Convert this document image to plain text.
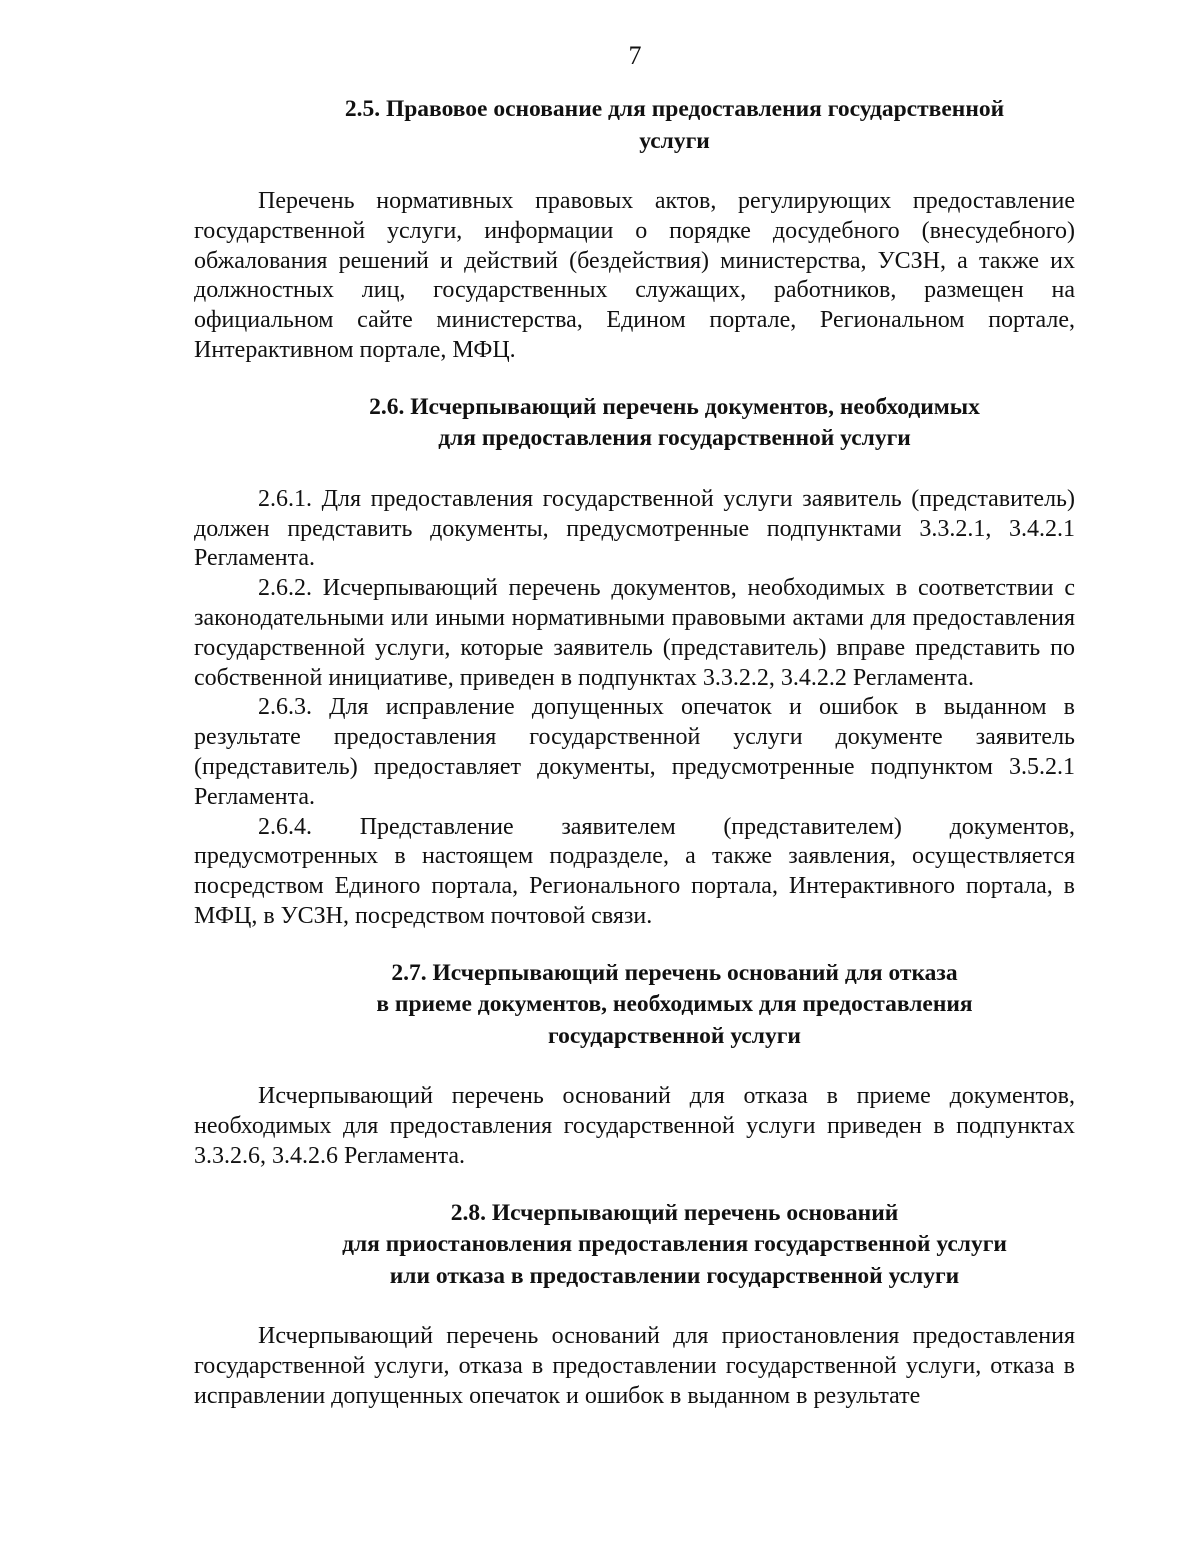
7
2.5. Правовое основание для предоставления государственной
услуги

Перечень нормативных правовых актов, регулирующих предоставление государственной услуги, информации о порядке досудебного (внесудебного) обжалования решений и действий (бездействия) министерства, УСЗН, а также их должностных лиц, государственных служащих, работников, размещен на официальном сайте министерства, Едином портале, Региональном портале, Интерактивном портале, МФЦ.

2.6. Исчерпывающий перечень документов, необходимых
для предоставления государственной услуги

2.6.1. Для предоставления государственной услуги заявитель (представитель) должен представить документы, предусмотренные подпунктами 3.3.2.1, 3.4.2.1 Регламента.

2.6.2. Исчерпывающий перечень документов, необходимых в соответствии с законодательными или иными нормативными правовыми актами для предоставления государственной услуги, которые заявитель (представитель) вправе представить по собственной инициативе, приведен в подпунктах 3.3.2.2, 3.4.2.2 Регламента.

2.6.3. Для исправление допущенных опечаток и ошибок в выданном в результате предоставления государственной услуги документе заявитель (представитель) предоставляет документы, предусмотренные подпунктом 3.5.2.1 Регламента.

2.6.4. Представление заявителем (представителем) документов, предусмотренных в настоящем подразделе, а также заявления, осуществляется посредством Единого портала, Регионального портала, Интерактивного портала, в МФЦ, в УСЗН, посредством почтовой связи.

2.7. Исчерпывающий перечень оснований для отказа
в приеме документов, необходимых для предоставления
государственной услуги

Исчерпывающий перечень оснований для отказа в приеме документов, необходимых для предоставления государственной услуги приведен в подпунктах 3.3.2.6, 3.4.2.6 Регламента.

2.8. Исчерпывающий перечень оснований
для приостановления предоставления государственной услуги
или отказа в предоставлении государственной услуги

Исчерпывающий перечень оснований для приостановления предоставления государственной услуги, отказа в предоставлении государственной услуги, отказа в исправлении допущенных опечаток и ошибок в выданном в результате
